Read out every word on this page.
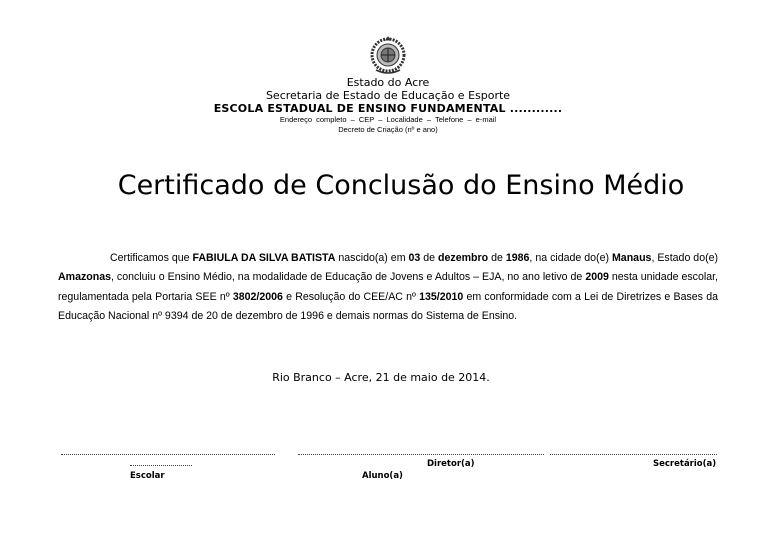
Estado do Acre
Secretaria de Estado de Educação e Esporte
ESCOLA ESTADUAL DE ENSINO FUNDAMENTAL ............
Endereço completo – CEP – Localidade – Telefone – e-mail
Decreto de Criação (nº e ano)
Certificado de Conclusão do Ensino Médio
Certificamos que FABIULA DA SILVA BATISTA nascido(a) em 03 de dezembro de 1986, na cidade do(e) Manaus, Estado do(e) Amazonas, concluiu o Ensino Médio, na modalidade de Educação de Jovens e Adultos – EJA, no ano letivo de 2009 nesta unidade escolar, regulamentada pela Portaria SEE nº 3802/2006 e Resolução do CEE/AC nº 135/2010 em conformidade com a Lei de Diretrizes e Bases da Educação Nacional nº 9394 de 20 de dezembro de 1996 e demais normas do Sistema de Ensino.
Rio Branco – Acre, 21 de maio de 2014.
Escolar
Diretor(a)
Aluno(a)
Secretário(a)
